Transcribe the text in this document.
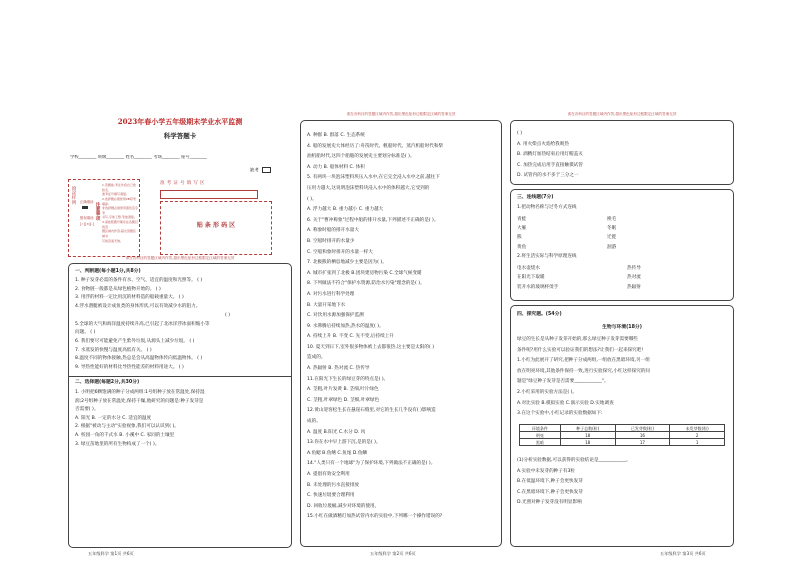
2023年春小学五年级期末学业水平监测
科学答题卡
学校________ 班级________ 姓名________ 考场________ 座号________
缺考
填涂样例 正确填涂
错误填涂
[✓][×][-]
注意事项
1.答题前,考生先将自己的姓名、
准考证号填写清楚。
2.选择题必须使用2B铅笔填涂;
非选择题必须使用黑色签字笔
书写,字体工整,笔迹清楚。
3.请按照题号顺序在各题目的答
题区域内作答,超出答题区域书
写的答案无效。
准 考 证 号 填 写 区
贴 条 形 码 区
请在各科目的答题区域内作答,超出黑色矩形边框限定区域的答案无效
一、判断题(每小题1分,共8分)
1. 种子发芽必需的条件有水、空气、适宜的温度和光照等。 ( )
2. 食物链一般都是从绿色植物开始的。 ( )
3. 用浮的材料一定比用沉的材料造的船载重量大。 ( )
4.浮水潜艇被设计成鱼类的身体形状,可以有效减少水的阻力。
( )
5.全球的大气和海洋温度持续升高,已引起了北冰洋浮冰面积缩小等
问题。 ( )
6. 我们要尽可能避免产生紫外垃圾,从源头上减少垃圾。 ( )
7. 水蒸发的快慢与温度高低有关。 ( )
8.温度不同的物体接触,热总是会从高温物体传向低温物体。 ( )
9. 导热性能好的材料比导热性能差的材料用途大。 ( )
二、选择题(每题2分,共30分)
1. 小明把6颗饱满的种子分成两组:1号组种子放在常温处,保持湿
润;2号组种子放在常温处,保持干燥,他研究的问题是:种子发芽是
否需要( )。
A. 阳光 B. 一定的水分 C. 适宜的温度
2. 根据"被动与主动"实验视象,我们可以认识到( )。
A. 校园一角的千式水 B. 小溪中 C. 家同的土壤里
3. 绿豆苗地里的所有生物构成了一个( )。
五年级科学 第1页 共6页
请在各科目的答题区域内作答,超出黑色矩形边框限定区域的答案无效
A. 种群 B. 群落 C. 生态系统
4. 船的发展史大体经历了:舟筏时代、帆船时代、蒸汽机船时代和柴
油机船时代,这四个船舶的发展史主要划分标准是( )。
A. 动力 B. 船体材料 C. 体积
5. 有两块一块泡沫塑料块压入水中,在它完全浸入水中之前,越往下
压用力越大,这说明泡沫塑料块浸入水中的体积越大,它受到的
( )。
A. 浮力越大 B. 重力越小 C. 重力越大
6. 关于"曹冲称象"过程中船的排开水量,下列描述不正确的是( )。
A. 称象时船的排开水量大
B. 空船时排开的水量少
C. 空船和象时排开的水量一样大
7. 北极熊的栖息地减少主要是因为( )。
A. 城市扩张到了北极 B.团块建房物污染 C.全球气候变暖
8. 下列做法不符合"保护水资源,防治水污染"理念的是( )。
A. 对污水进行科学处理
B. 大量开采地下水
C. 对饮用水源加强保护监测
9. 水沸腾后持续加热,热水的温度( )。
A. 持续上升 B. 不变 C. 先不变,后持续上升
10. 夏天到日下,室外很多物体被上去都很热,这主要是太阳的( )
造成的。
A. 热辐射 B. 热对流 C. 热传导
11.在阳光下生长的绿豆芽的特点是( )。
A. 茎粗,叶片发黄 B. 茎细,叶片绿色
C. 茎粗,叶翠绿色 D. 茎细,叶翠绿色
12.黄山迎客松生长在悬崖石缝里,对它的生长几乎没有( )影响造
成的。
A. 温度 B.阳光 C.水分 D. 风
13.你在水中早上游下沉,是的是( )。
A.鱼鳃 B.鱼鳍 C.鱼尾 D.鱼鳞
14."人类只有一个地球"为了保护环境,下列做法不正确的是( )。
A. 提倡有效安全利用
B. 未处理的污水直接排放
C. 快速垃圾要合理利用
D. 回收垃圾桶,减少对环境的使用。
15.小红在做酒精灯加热试管内水的实验中,下列哪一个操作错误的?
五年级科学 第2页 共6页
请在各科目的答题区域内作答,超出黑色矩形边框限定区域的答案无效
( )
A. 用火柴点火焰给我吸热
B. 酒精灯加热结束后用灯帽盖灭
C. 加热完成后用手直接触摸试管
D. 试管内的水不多于三分之一
三、连线题(7分)
1.把动物名称与过冬方式连线
青蛙
大雁
熊
黄鱼
换毛
冬眠
迁徙
洄游
2.将生活实际与科学原理连线
电水壶烧水
在阳光下取暖
装开水的玻璃杯烫手
热传导
热对流
热辐射
四、探究题。(54分)
生物与环境(18分)
绿豆的生长是从种子发芽开始的,那么绿豆种子发芽需要哪些
条件呢?用什么实验可以验证我们的想法?让我们一起来探究吧!
1.小红为此展开了研究,把种子分成两组,一组放在黑暗环境,另一组
放在明亮环境,其他条件保持一致,进行实验探究,小红这样探究的问
题是"绿豆种子发芽是否需要____________"。
2.小红采用的实验方法是( )。
A.对比实验 B.模拟实验 C.演示实验 D.实地调查
3.在这个实验中,小红记录的实验数据如下:
环境条件	种子总数(粒)	已发芽数(粒)	未发芽数(粒)
明亮	18	16	2
黑暗	18	17	1
(1)分析实验数据,可以获得的实验结论是____________。
A.实验中未发芽的种子有3粒
B.在低温环境下,种子会更快发芽
C.在黑暗环境下,种子会更快发芽
D.光照对种子发芽没有明显影响
五年级科学 第3页 共6页
